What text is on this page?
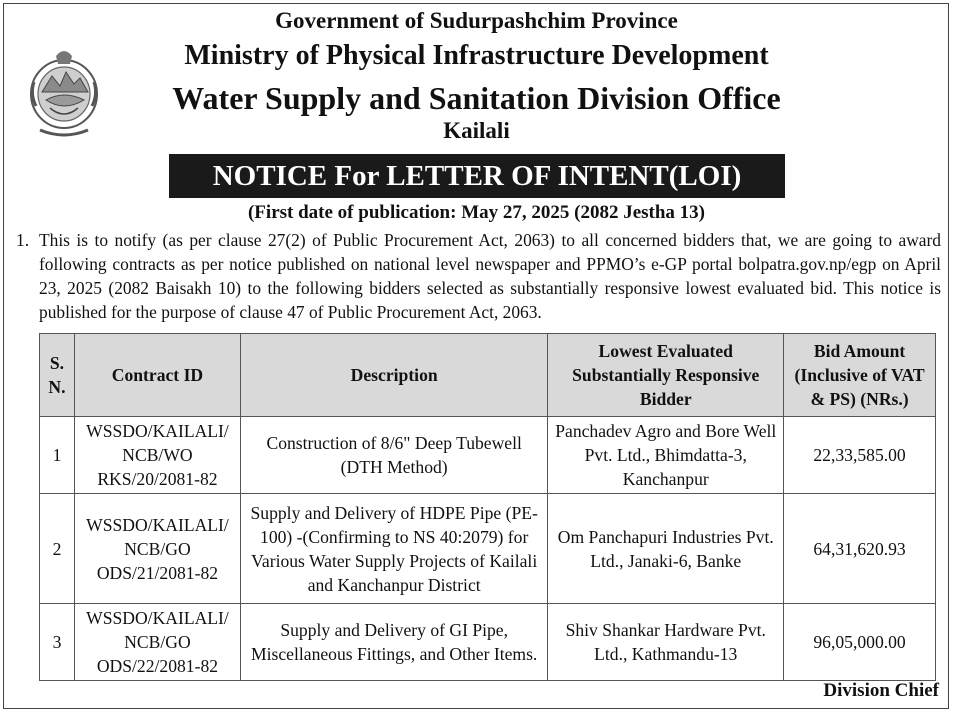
Government of Sudurpashchim Province
Ministry of Physical Infrastructure Development
Water Supply and Sanitation Division Office
Kailali
NOTICE For LETTER OF INTENT(LOI)
(First date of publication: May 27, 2025 (2082 Jestha 13)
1. This is to notify (as per clause 27(2) of Public Procurement Act, 2063) to all concerned bidders that, we are going to award following contracts as per notice published on national level newspaper and PPMO’s e-GP portal bolpatra.gov.np/egp on April 23, 2025 (2082 Baisakh 10) to the following bidders selected as substantially responsive lowest evaluated bid. This notice is published for the purpose of clause 47 of Public Procurement Act, 2063.
S. N.	Contract ID	Description	Lowest Evaluated Substantially Responsive Bidder	Bid Amount (Inclusive of VAT & PS) (NRs.)
1	WSSDO/KAILALI/ NCB/WO RKS/20/2081-82	Construction of 8/6" Deep Tubewell (DTH Method)	Panchadev Agro and Bore Well Pvt. Ltd., Bhimdatta-3, Kanchanpur	22,33,585.00
2	WSSDO/KAILALI/ NCB/GO ODS/21/2081-82	Supply and Delivery of HDPE Pipe (PE-100) -(Confirming to NS 40:2079) for Various Water Supply Projects of Kailali and Kanchanpur District	Om Panchapuri Industries Pvt. Ltd., Janaki-6, Banke	64,31,620.93
3	WSSDO/KAILALI/ NCB/GO ODS/22/2081-82	Supply and Delivery of GI Pipe, Miscellaneous Fittings, and Other Items.	Shiv Shankar Hardware Pvt. Ltd., Kathmandu-13	96,05,000.00
Division Chief
